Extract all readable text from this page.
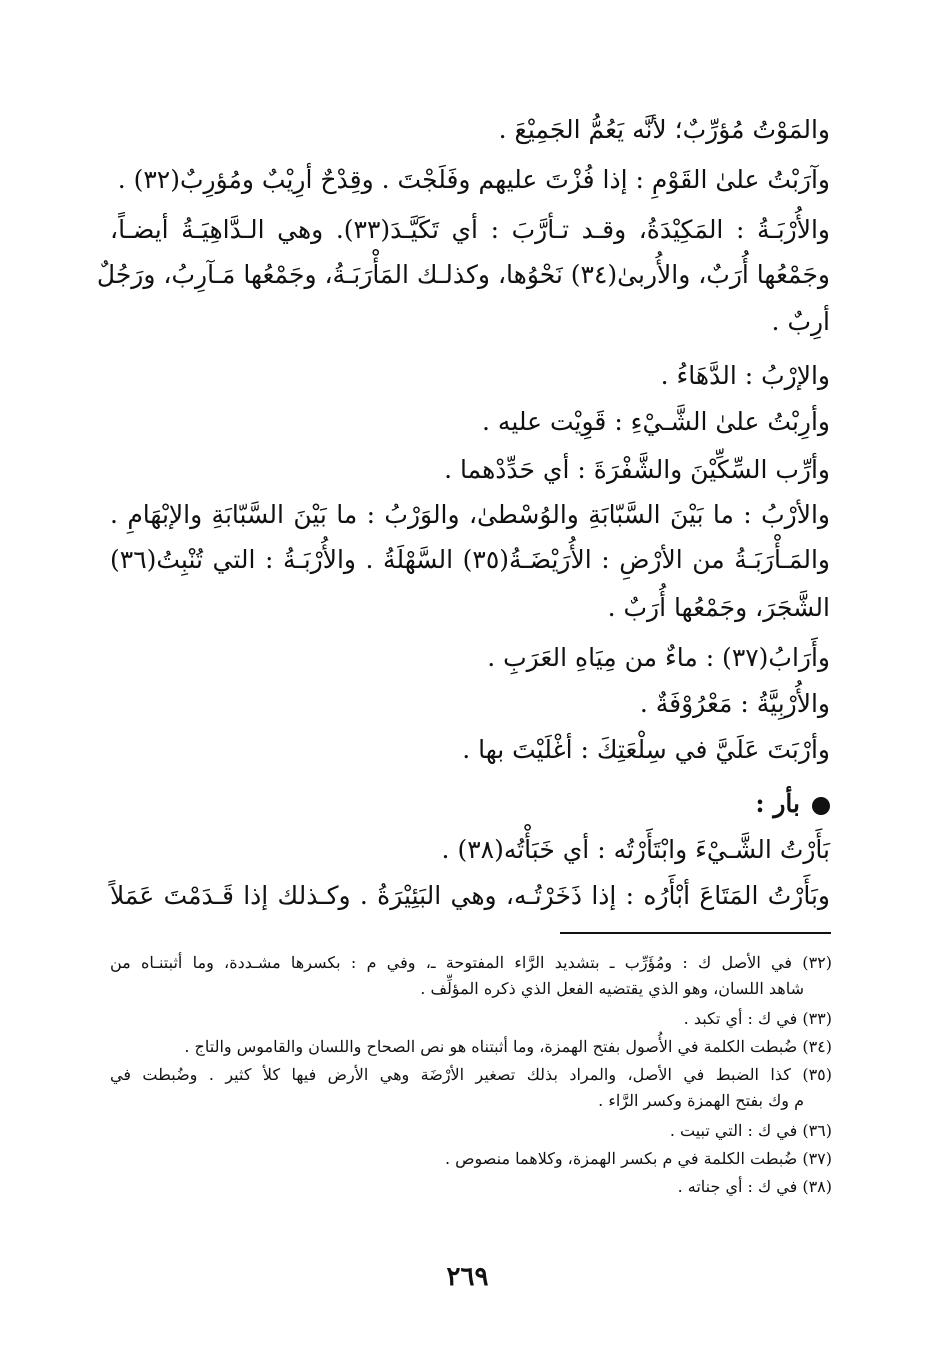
والمَوْتُ مُؤرِّبٌ؛ لأنَّه يَعُمُّ الجَمِيْعَ .
وآرَبْتُ علىٰ القَوْمِ : إذا فُزْتَ عليهم وفَلَجْتَ . وقِدْحٌ أرِيْبٌ ومُؤرِبٌ(٣٢) .
والأُرْبَـةُ : المَكِيْدَةُ، وقـد تـأرَّبَ : أي تَكَيَّـدَ(٣٣). وهي الـدَّاهِيَـةُ أيضـاً،
وجَمْعُها أُرَبٌ، والأُربىٰ(٣٤) نَحْوُها، وكذلـك المَأْرَبَـةُ، وجَمْعُها مَـآرِبُ، ورَجُلٌ
أرِبٌ .
والإرْبُ : الدَّهَاءُ .
وأرِبْتُ علىٰ الشَّـيْءِ : قَوِيْت عليه .
وأرِّب السِّكِّيْنَ والشَّفْرَةَ : أي حَدِّدْهما .
والأرْبُ : ما بَيْنَ السَّبّابَةِ والوُسْطىٰ، والوَرْبُ : ما بَيْنَ السَّبّابَةِ والإبْهَامِ .
والمَـأْرَبَـةُ من الأرْضِ : الأُرَيْضَـةُ(٣٥) السَّهْلَةُ . والأُرْبَـةُ : التي تُنْبِتُ(٣٦)
الشَّجَرَ، وجَمْعُها أُرَبٌ .
وأَرَابُ(٣٧) : ماءٌ من مِيَاهِ العَرَبِ .
والأُرْبِيَّةُ : مَعْرُوْفَةٌ .
وأرْبَتَ عَلَيَّ في سِلْعَتِكَ : أغْلَيْتَ بها .
بأر :
بَأَرْتُ الشَّـيْءَ وابْتَأَرْتُه : أي خَبَأْتُه(٣٨) .
وبَأَرْتُ المَتَاعَ أبْأَرُه : إذا ذَخَرْتُـه، وهي البَئِيْرَةُ . وكـذلك إذا قَـدَمْتَ عَمَلاً
(٣٢) في الأصل ك : ومُؤَرِّب ـ بتشديد الرَّاء المفتوحة ـ، وفي م : بكسرها مشـددة، وما أثبتنـاه من
شاهد اللسان، وهو الذي يقتضيه الفعل الذي ذكره المؤلِّف .
(٣٣) في ك : أي تكبد .
(٣٤) ضُبطت الكلمة في الأُصول بفتح الهمزة، وما أثبتناه هو نص الصحاح واللسان والقاموس والتاج .
(٣٥) كذا الضبط في الأصل، والمراد بذلك تصغير الأرْضَة وهي الأرض فيها كلأ كثير . وضُبطت في
م وك بفتح الهمزة وكسر الرَّاء .
(٣٦) في ك : التي تبيت .
(٣٧) ضُبطت الكلمة في م بكسر الهمزة، وكلاهما منصوص .
(٣٨) في ك : أي جناته .
٢٦٩
